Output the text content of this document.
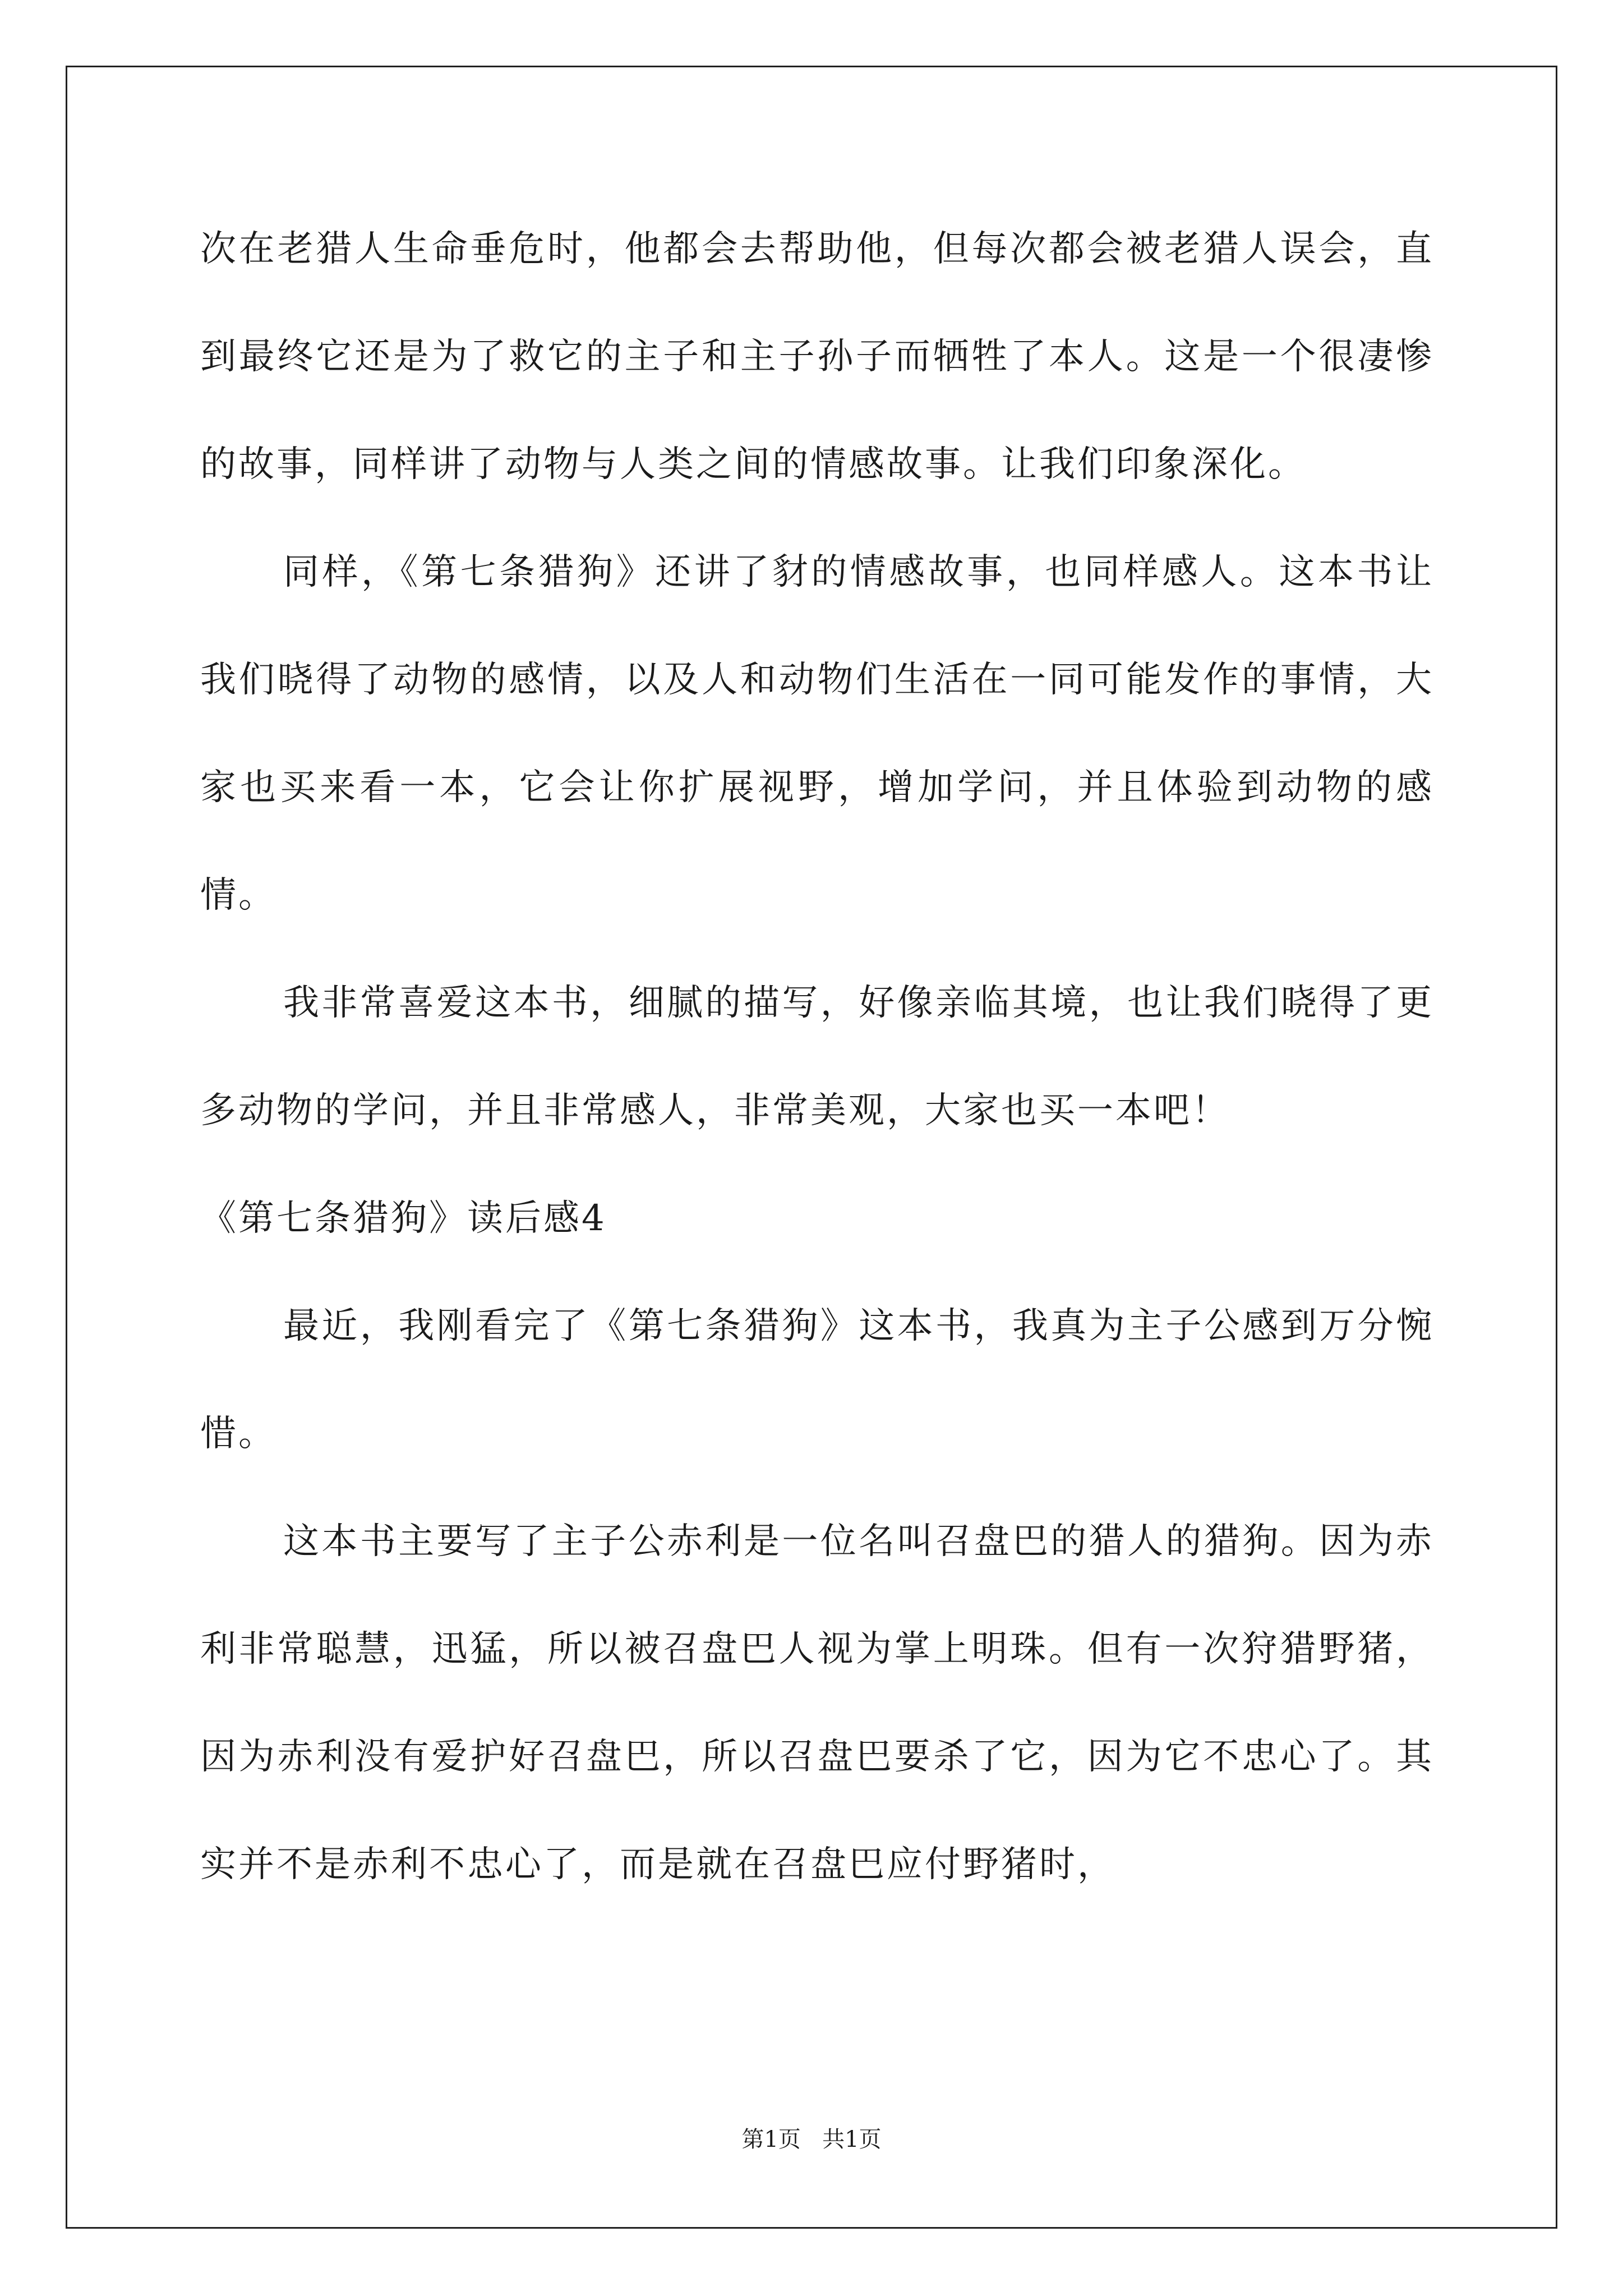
次在老猎人生命垂危时，他都会去帮助他，但每次都会被老猎人误会，直到最终它还是为了救它的主子和主子孙子而牺牲了本人。这是一个很凄惨的故事，同样讲了动物与人类之间的情感故事。让我们印象深化。

同样，《第七条猎狗》还讲了豺的情感故事，也同样感人。这本书让我们晓得了动物的感情，以及人和动物们生活在一同可能发作的事情，大家也买来看一本，它会让你扩展视野，增加学问，并且体验到动物的感情。

我非常喜爱这本书，细腻的描写，好像亲临其境，也让我们晓得了更多动物的学问，并且非常感人，非常美观，大家也买一本吧！

《第七条猎狗》读后感4

最近，我刚看完了《第七条猎狗》这本书，我真为主子公感到万分惋惜。

这本书主要写了主子公赤利是一位名叫召盘巴的猎人的猎狗。因为赤利非常聪慧，迅猛，所以被召盘巴人视为掌上明珠。但有一次狩猎野猪，因为赤利没有爱护好召盘巴，所以召盘巴要杀了它，因为它不忠心了。其实并不是赤利不忠心了，而是就在召盘巴应付野猪时，

第1页 共1页
